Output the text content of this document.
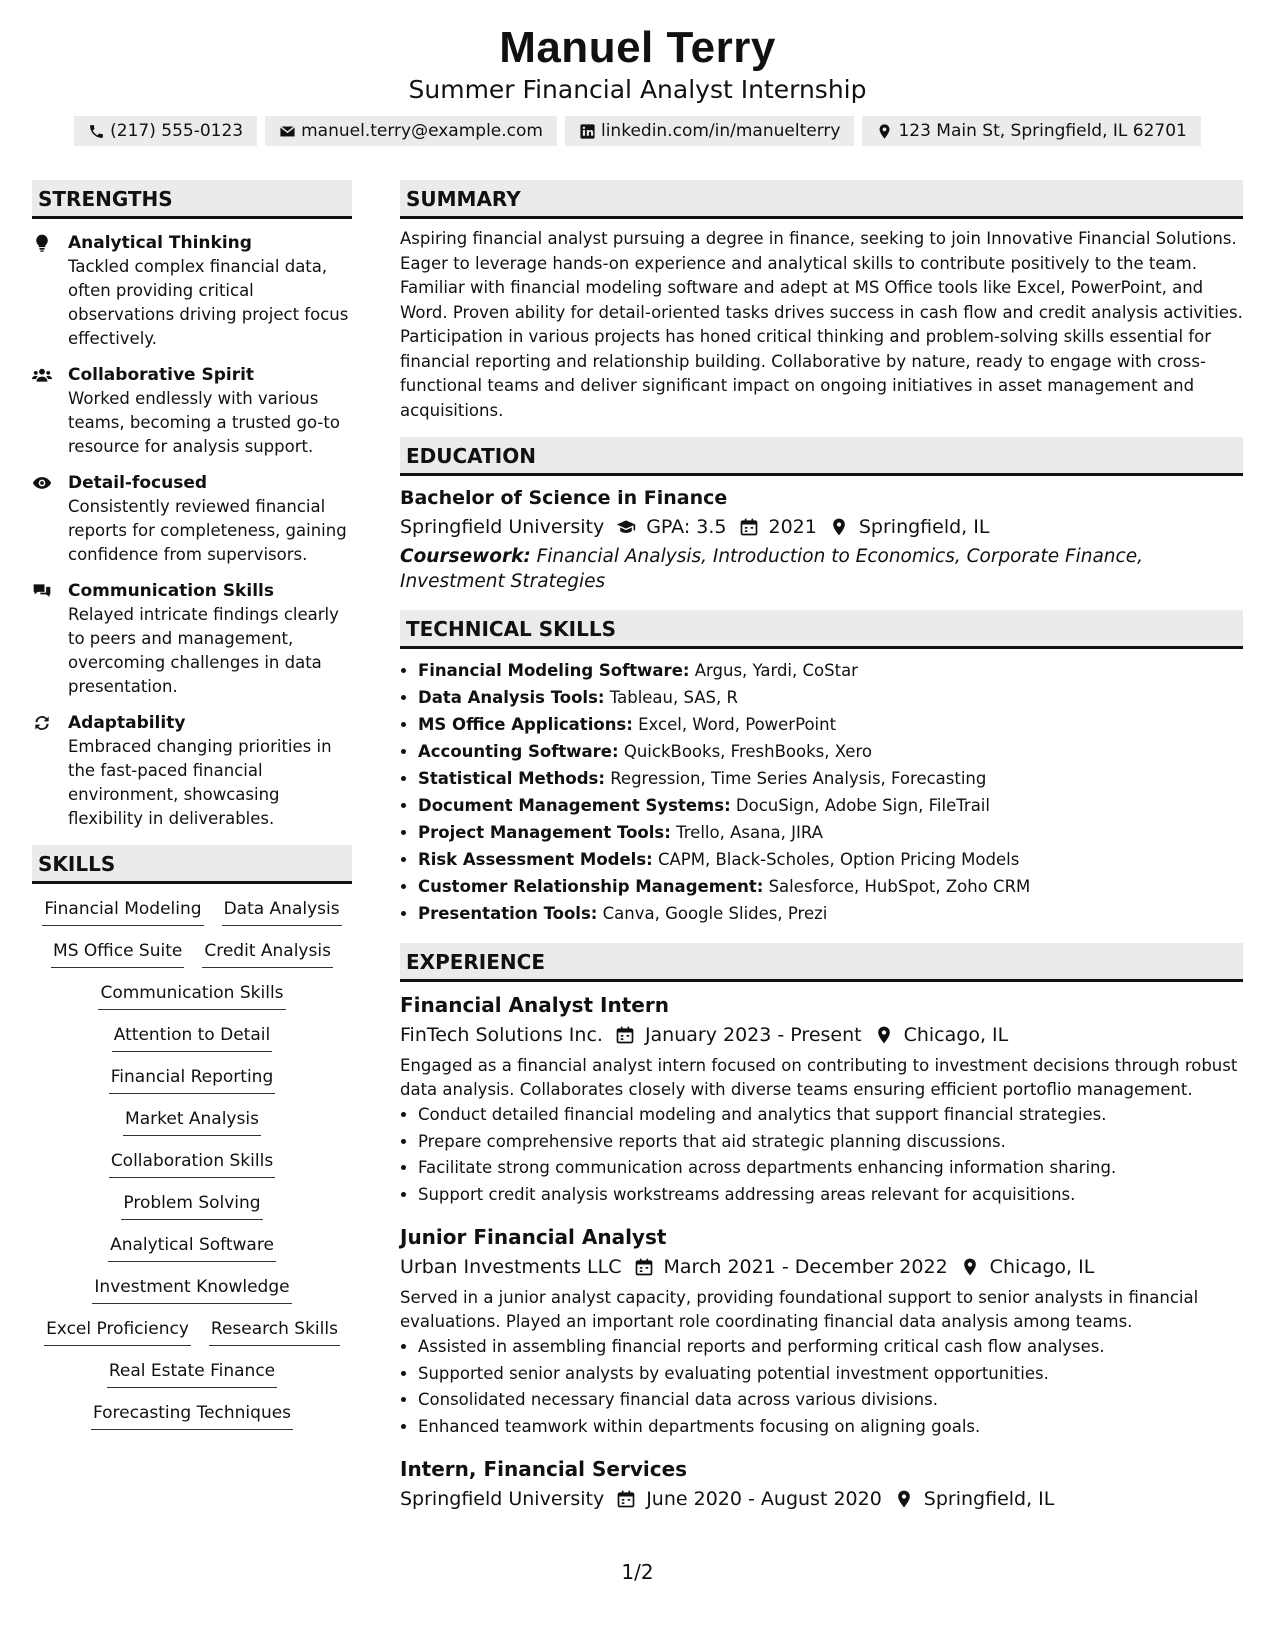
Manuel Terry
Summer Financial Analyst Internship
(217) 555-0123	manuel.terry@example.com	linkedin.com/in/manuelterry	123 Main St, Springfield, IL 62701
STRENGTHS
Analytical Thinking
Tackled complex financial data, often providing critical observations driving project focus effectively.
Collaborative Spirit
Worked endlessly with various teams, becoming a trusted go-to resource for analysis support.
Detail-focused
Consistently reviewed financial reports for completeness, gaining confidence from supervisors.
Communication Skills
Relayed intricate findings clearly to peers and management, overcoming challenges in data presentation.
Adaptability
Embraced changing priorities in the fast-paced financial environment, showcasing flexibility in deliverables.
SKILLS
Financial Modeling Data Analysis
MS Office Suite Credit Analysis
Communication Skills
Attention to Detail
Financial Reporting
Market Analysis
Collaboration Skills
Problem Solving
Analytical Software
Investment Knowledge
Excel Proficiency Research Skills
Real Estate Finance
Forecasting Techniques
SUMMARY
Aspiring financial analyst pursuing a degree in finance, seeking to join Innovative Financial Solutions. Eager to leverage hands-on experience and analytical skills to contribute positively to the team. Familiar with financial modeling software and adept at MS Office tools like Excel, PowerPoint, and Word. Proven ability for detail-oriented tasks drives success in cash flow and credit analysis activities. Participation in various projects has honed critical thinking and problem-solving skills essential for financial reporting and relationship building. Collaborative by nature, ready to engage with cross-functional teams and deliver significant impact on ongoing initiatives in asset management and acquisitions.
EDUCATION
Bachelor of Science in Finance
Springfield University GPA: 3.5 2021 Springfield, IL
Coursework: Financial Analysis, Introduction to Economics, Corporate Finance, Investment Strategies
TECHNICAL SKILLS
• Financial Modeling Software: Argus, Yardi, CoStar
• Data Analysis Tools: Tableau, SAS, R
• MS Office Applications: Excel, Word, PowerPoint
• Accounting Software: QuickBooks, FreshBooks, Xero
• Statistical Methods: Regression, Time Series Analysis, Forecasting
• Document Management Systems: DocuSign, Adobe Sign, FileTrail
• Project Management Tools: Trello, Asana, JIRA
• Risk Assessment Models: CAPM, Black-Scholes, Option Pricing Models
• Customer Relationship Management: Salesforce, HubSpot, Zoho CRM
• Presentation Tools: Canva, Google Slides, Prezi
EXPERIENCE
Financial Analyst Intern
FinTech Solutions Inc. January 2023 - Present Chicago, IL
Engaged as a financial analyst intern focused on contributing to investment decisions through robust data analysis. Collaborates closely with diverse teams ensuring efficient portoflio management.
• Conduct detailed financial modeling and analytics that support financial strategies.
• Prepare comprehensive reports that aid strategic planning discussions.
• Facilitate strong communication across departments enhancing information sharing.
• Support credit analysis workstreams addressing areas relevant for acquisitions.
Junior Financial Analyst
Urban Investments LLC March 2021 - December 2022 Chicago, IL
Served in a junior analyst capacity, providing foundational support to senior analysts in financial evaluations. Played an important role coordinating financial data analysis among teams.
• Assisted in assembling financial reports and performing critical cash flow analyses.
• Supported senior analysts by evaluating potential investment opportunities.
• Consolidated necessary financial data across various divisions.
• Enhanced teamwork within departments focusing on aligning goals.
Intern, Financial Services
Springfield University June 2020 - August 2020 Springfield, IL
1/2
